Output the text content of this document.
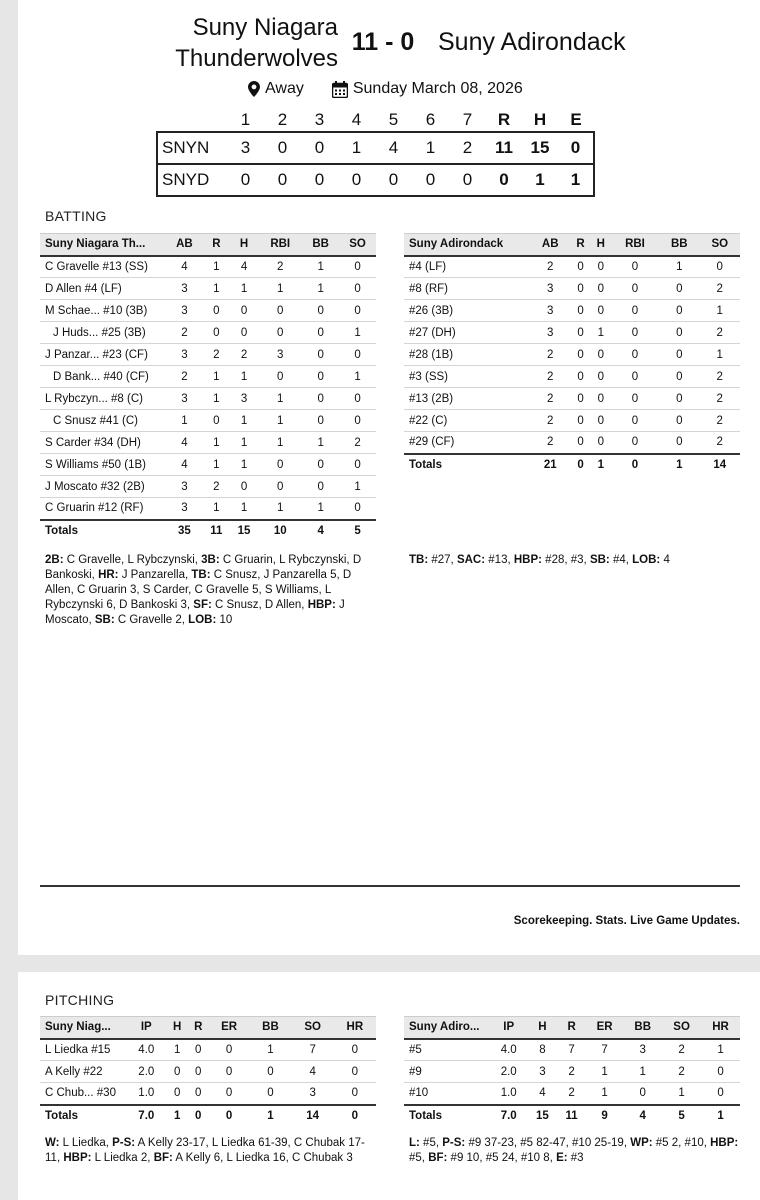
Suny Niagara
Thunderwolves
11 - 0 Suny Adirondack
Away	Sunday March 08, 2026
	1	2	3	4	5	6	7	R	H	E
SNYN	3	0	0	1	4	1	2	11	15	0
SNYD	0	0	0	0	0	0	0	0	1	1
BATTING
Suny Niagara Th...	AB	R	H	RBI	BB	SO
C Gravelle #13 (SS)	4	1	4	2	1	0
D Allen #4 (LF)	3	1	1	1	1	0
M Schae... #10 (3B)	3	0	0	0	0	0
J Huds... #25 (3B)	2	0	0	0	0	1
J Panzar... #23 (CF)	3	2	2	3	0	0
D Bank... #40 (CF)	2	1	1	0	0	1
L Rybczyn... #8 (C)	3	1	3	1	0	0
C Snusz #41 (C)	1	0	1	1	0	0
S Carder #34 (DH)	4	1	1	1	1	2
S Williams #50 (1B)	4	1	1	0	0	0
J Moscato #32 (2B)	3	2	0	0	0	1
C Gruarin #12 (RF)	3	1	1	1	1	0
Totals	35	11	15	10	4	5
Suny Adirondack	AB	R	H	RBI	BB	SO
#4 (LF)	2	0	0	0	1	0
#8 (RF)	3	0	0	0	0	2
#26 (3B)	3	0	0	0	0	1
#27 (DH)	3	0	1	0	0	2
#28 (1B)	2	0	0	0	0	1
#3 (SS)	2	0	0	0	0	2
#13 (2B)	2	0	0	0	0	2
#22 (C)	2	0	0	0	0	2
#29 (CF)	2	0	0	0	0	2
Totals	21	0	1	0	1	14
2B: C Gravelle, L Rybczynski, 3B: C Gruarin, L Rybczynski, D Bankoski, HR: J Panzarella, TB: C Snusz, J Panzarella 5, D Allen, C Gruarin 3, S Carder, C Gravelle 5, S Williams, L Rybczynski 6, D Bankoski 3, SF: C Snusz, D Allen, HBP: J Moscato, SB: C Gravelle 2, LOB: 10
TB: #27, SAC: #13, HBP: #28, #3, SB: #4, LOB: 4
Scorekeeping. Stats. Live Game Updates.
PITCHING
Suny Niag...	IP	H	R	ER	BB	SO	HR
L Liedka #15	4.0	1	0	0	1	7	0
A Kelly #22	2.0	0	0	0	0	4	0
C Chub... #30	1.0	0	0	0	0	3	0
Totals	7.0	1	0	0	1	14	0
Suny Adiro...	IP	H	R	ER	BB	SO	HR
#5	4.0	8	7	7	3	2	1
#9	2.0	3	2	1	1	2	0
#10	1.0	4	2	1	0	1	0
Totals	7.0	15	11	9	4	5	1
W: L Liedka, P-S: A Kelly 23-17, L Liedka 61-39, C Chubak 17-11, HBP: L Liedka 2, BF: A Kelly 6, L Liedka 16, C Chubak 3
L: #5, P-S: #9 37-23, #5 82-47, #10 25-19, WP: #5 2, #10, HBP: #5, BF: #9 10, #5 24, #10 8, E: #3
